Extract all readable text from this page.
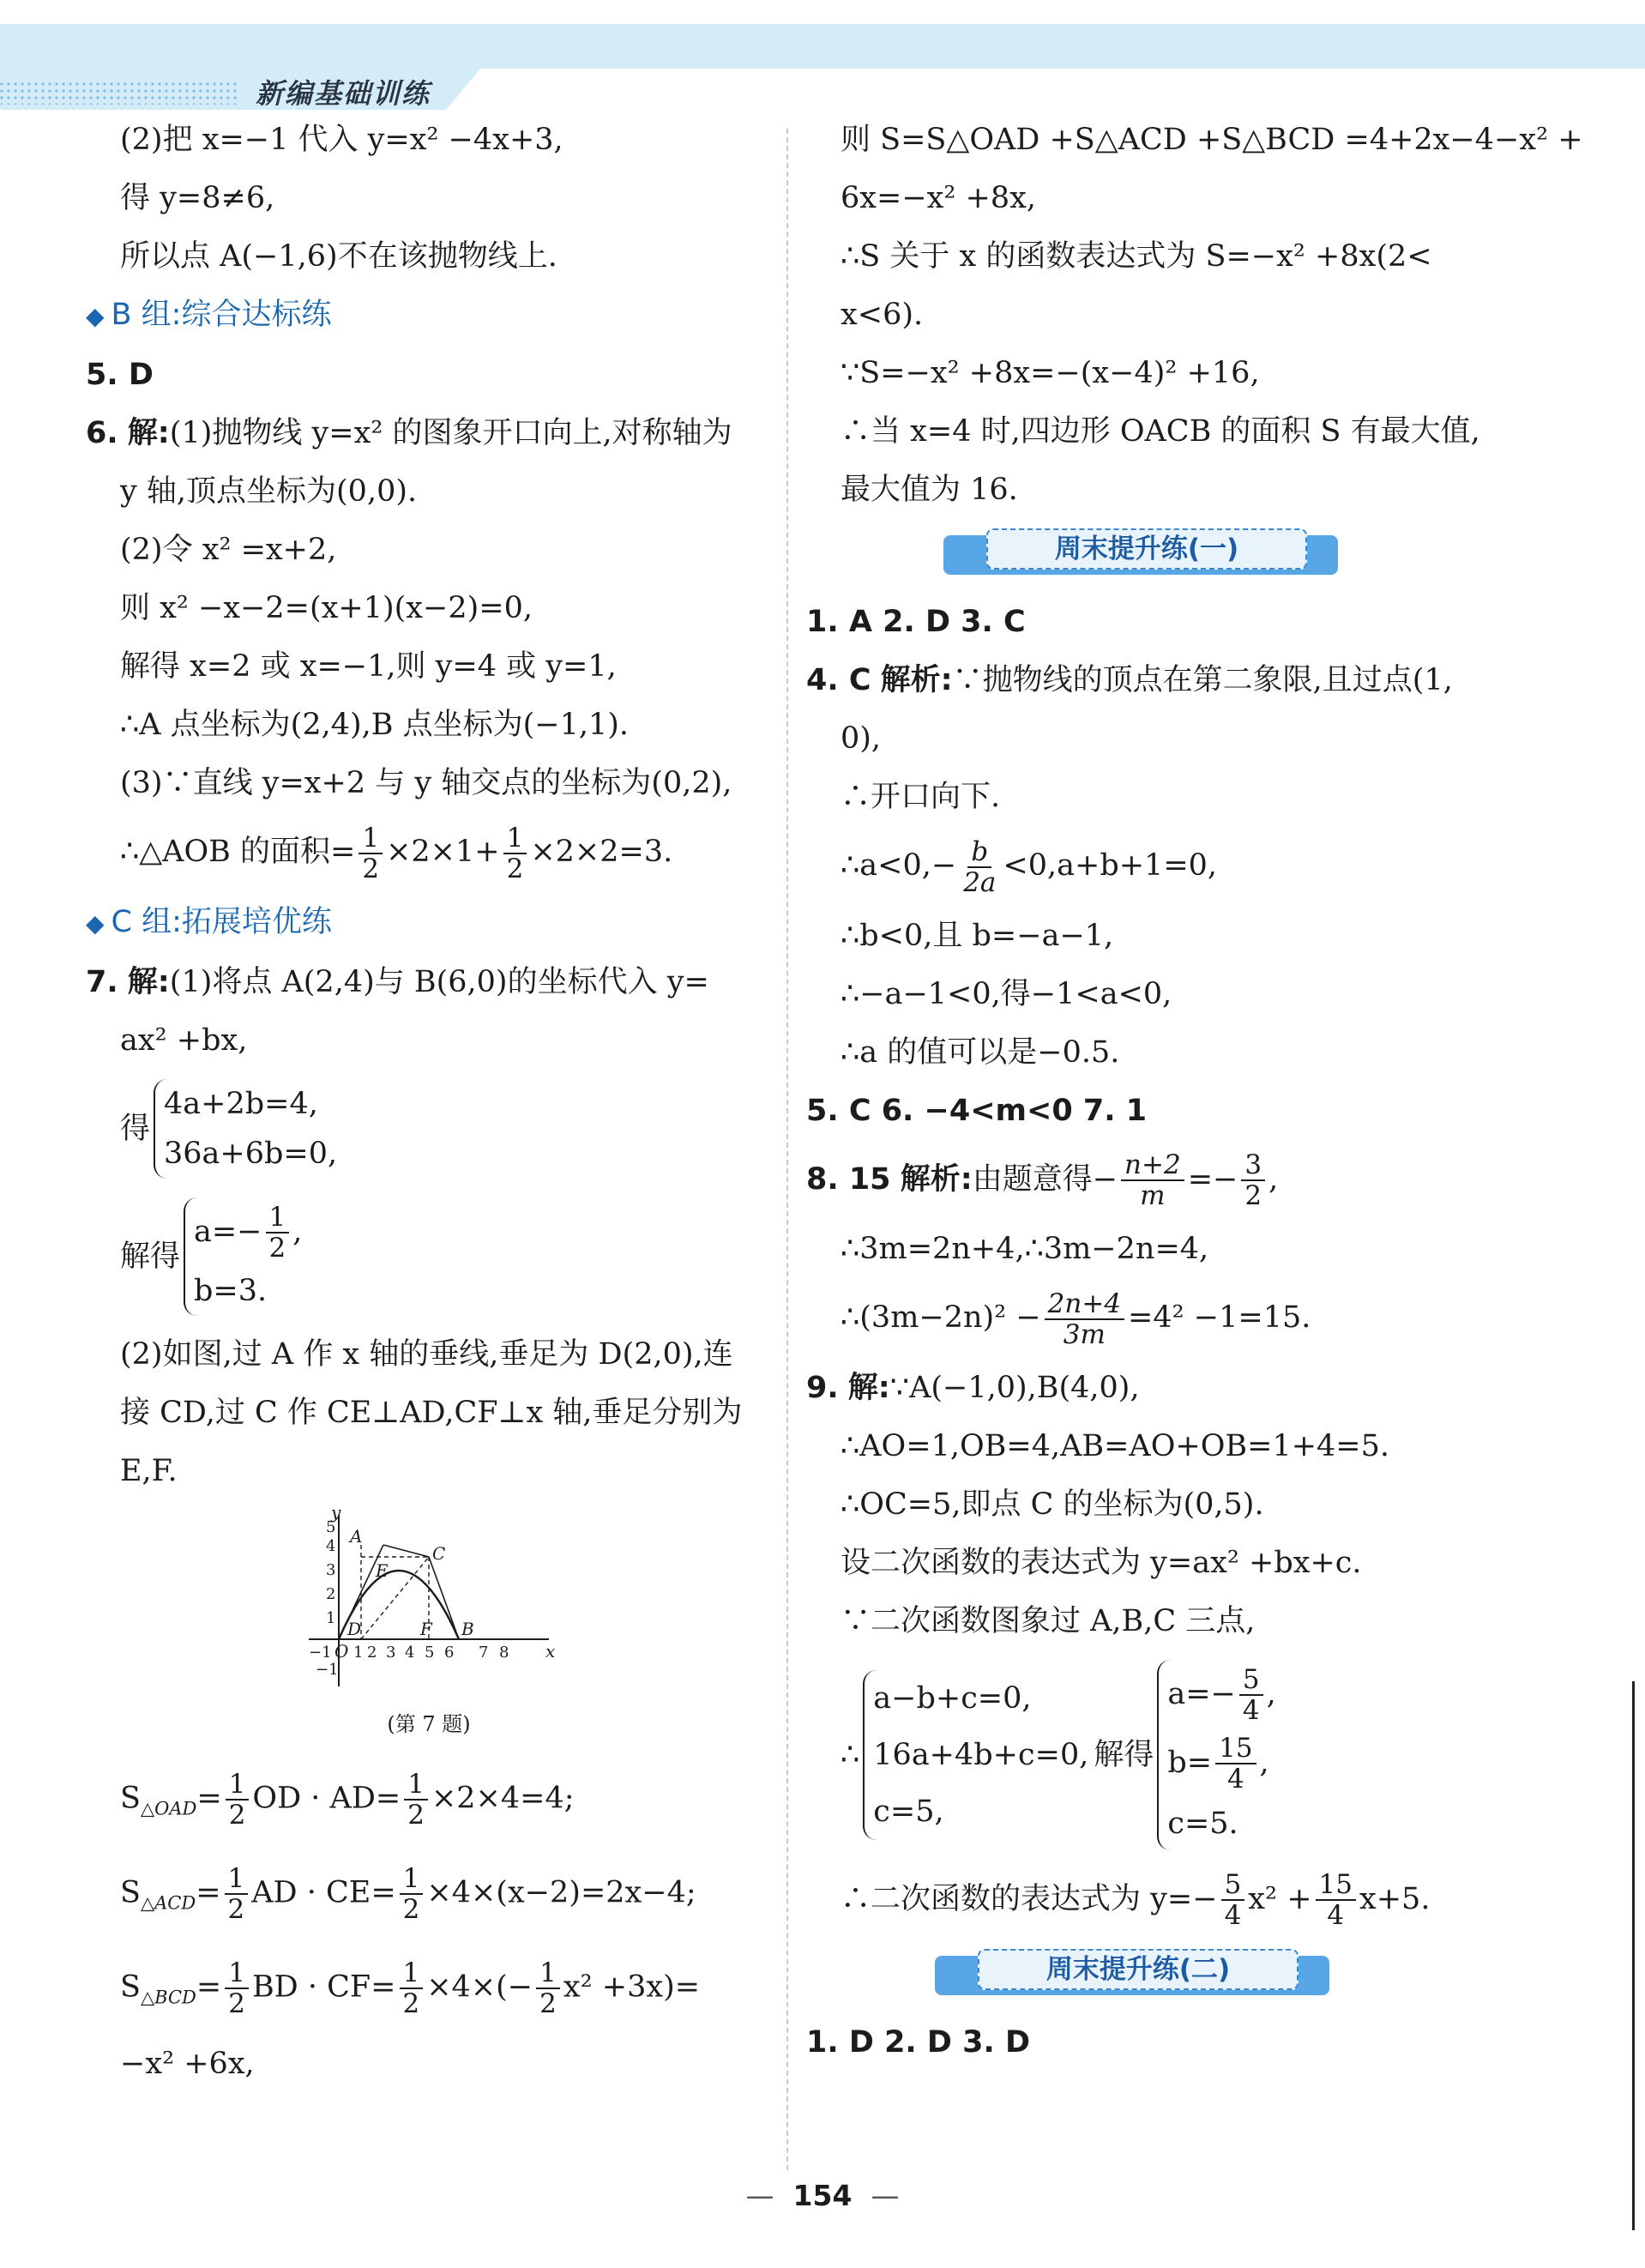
新编基础训练
(2)把 x=−1 代入 y=x² −4x+3,
得 y=8≠6,
所以点 A(−1,6)不在该抛物线上.
◆ B 组:综合达标练
5. D
6. 解:(1)抛物线 y=x² 的图象开口向上,对称轴为
y 轴,顶点坐标为(0,0).
(2)令 x² =x+2,
则 x² −x−2=(x+1)(x−2)=0,
解得 x=2 或 x=−1,则 y=4 或 y=1,
∴A 点坐标为(2,4),B 点坐标为(−1,1).
(3)∵直线 y=x+2 与 y 轴交点的坐标为(0,2),
∴△AOB 的面积= $\frac{1}{2} \times 2\times 1+ \frac{1}{2} \times 2\times 2=3$.
◆ C 组:拓展培优练
7. 解:(1)将点 A(2,4)与 B(6,0)的坐标代入 y=
ax² +bx,
得
4a+2b=4,
36a+6b=0,
解得
$a=- \frac{1}{2}$ ,
b=3.
(2)如图,过 A 作 x 轴的垂线,垂足为 D(2,0),连
接 CD,过 C 作 CE⊥AD,CF⊥x 轴,垂足分别为
E,F.
y
x
A
C
E
D	F B
O
−1 1 2 3 4 5 6 7 8
5
4
3
2
1
−1
(第 7 题)
$S_{\triangle OAD}= \frac{1}{2}$ OD · $AD= \frac{1}{2} \times 2\times 4=4$;
$S_{\triangle ACD}= \frac{1}{2}$ AD · $CE= \frac{1}{2} \times 4\times(x-2)=2x-4$;
$S_{\triangle BCD}= \frac{1}{2}$ BD · $CF= \frac{1}{2} \times 4\times(- \frac{1}{2} x^2 +3x)=$
−x² +6x,
则 S=S△OAD +S△ACD +S△BCD =4+2x−4−x² +
6x=−x² +8x,
∴S 关于 x 的函数表达式为 S=−x² +8x(2<
x<6).
∵S=−x² +8x=−(x−4)² +16,
∴当 x=4 时,四边形 OACB 的面积 S 有最大值,
最大值为 16.
周末提升练(一)
1. A 2. D 3. C
4. C 解析:∵抛物线的顶点在第二象限,且过点(1,
0),
∴开口向下.
∴a<0,− $\frac{b}{2a} <0,a+b+1=0$,
∴b<0,且 b=−a−1,
∴−a−1<0,得−1<a<0,
∴a 的值可以是−0.5.
5. C 6. −4<m<0 7. 1
8. 15 解析:由题意得− $\frac{n+2}{m} =- \frac{3}{2}$ ,
∴3m=2n+4,∴3m−2n=4,
∴(3m−2n)² − $\frac{2n+4}{3m} =4^2 -1=15$.
9. 解:∵A(−1,0),B(4,0),
∴AO=1,OB=4,AB=AO+OB=1+4=5.
∴OC=5,即点 C 的坐标为(0,5).
设二次函数的表达式为 y=ax² +bx+c.
∵二次函数图象过 A,B,C 三点,
∴
a−b+c=0,
16a+4b+c=0,
c=5,
解得
$a=- \frac{5}{4}$ ,
$b= \frac{15}{4}$ ,
c=5.
∴二次函数的表达式为 $y=- \frac{5}{4} x^2 + \frac{15}{4} x+5$.
周末提升练(二)
1. D 2. D 3. D
— 154 —
